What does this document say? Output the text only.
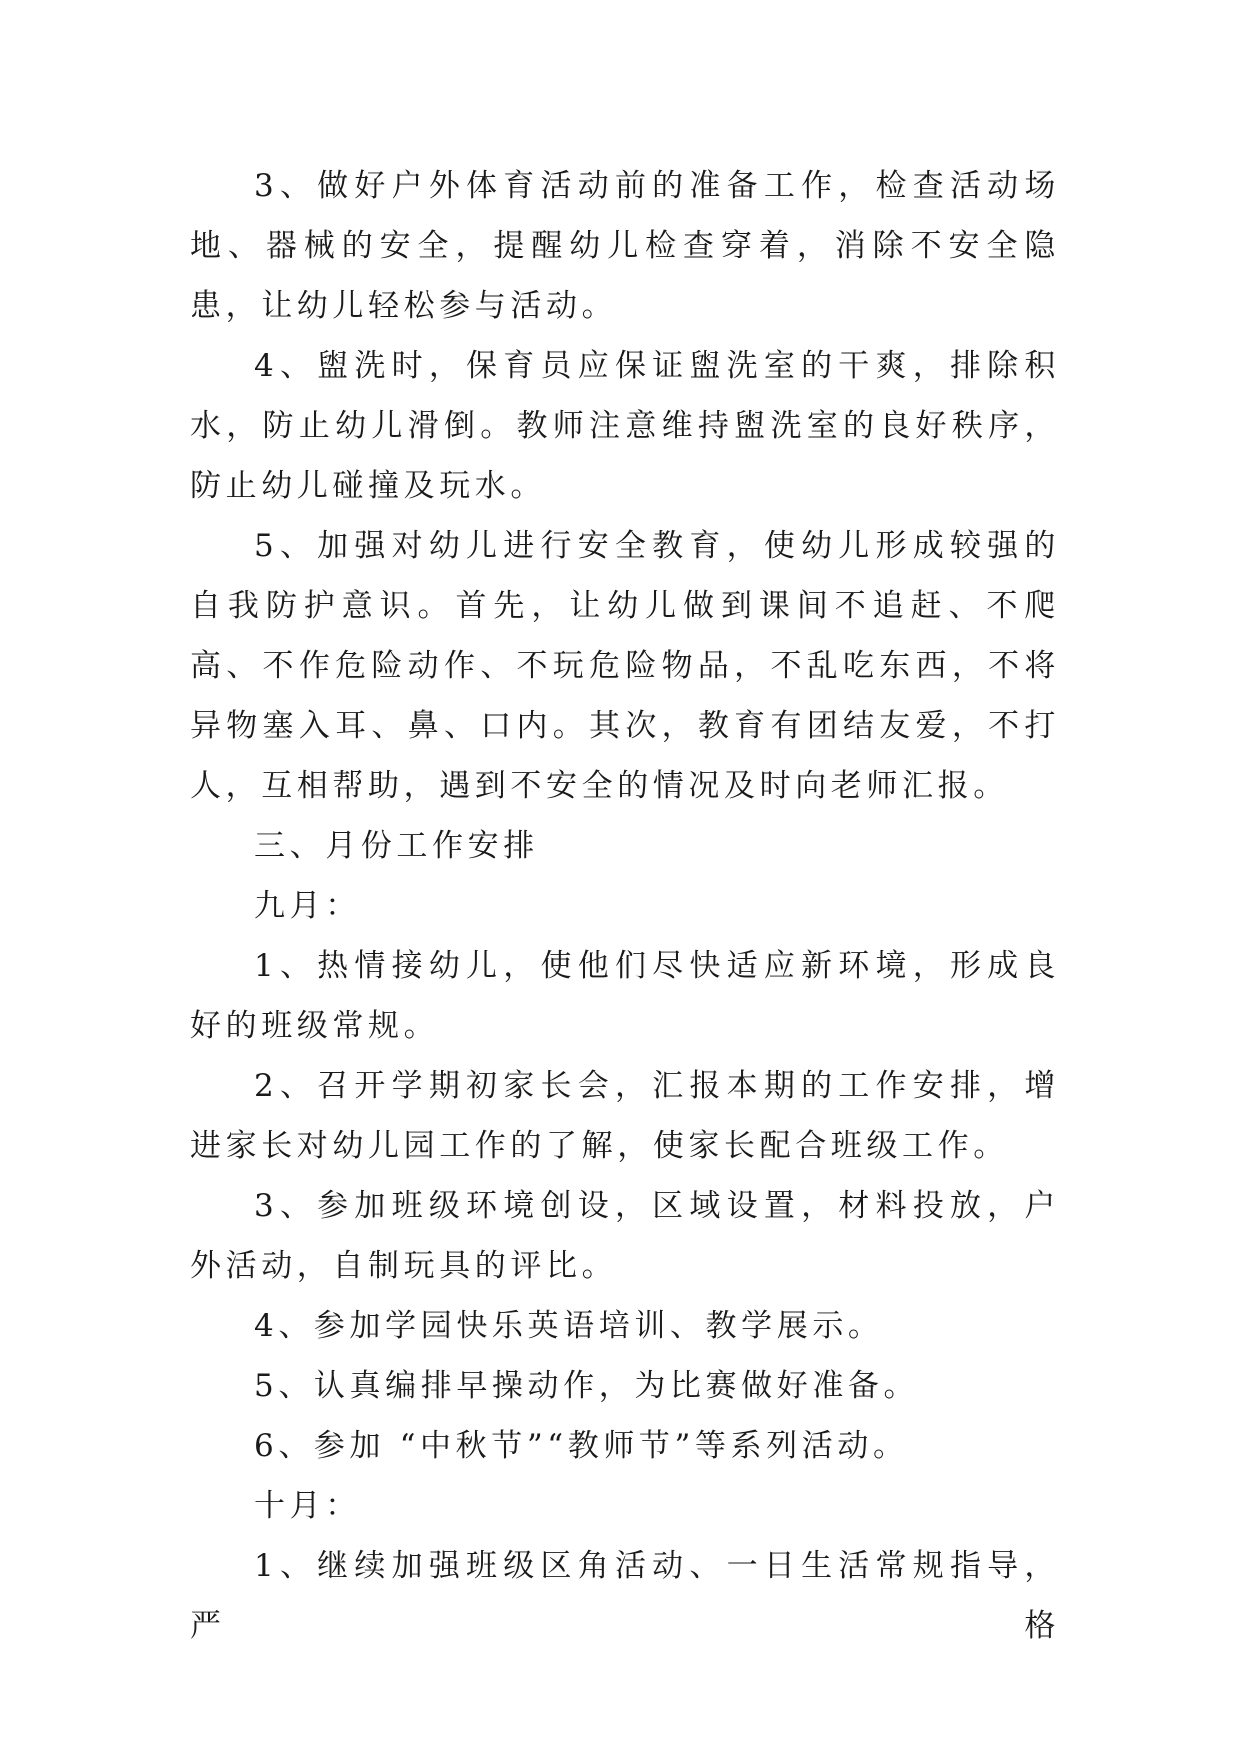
3、做好户外体育活动前的准备工作，检查活动场地、器械的安全，提醒幼儿检查穿着，消除不安全隐患，让幼儿轻松参与活动。

4、盥洗时，保育员应保证盥洗室的干爽，排除积水，防止幼儿滑倒。教师注意维持盥洗室的良好秩序，防止幼儿碰撞及玩水。

5、加强对幼儿进行安全教育，使幼儿形成较强的自我防护意识。首先，让幼儿做到课间不追赶、不爬高、不作危险动作、不玩危险物品，不乱吃东西，不将异物塞入耳、鼻、口内。其次，教育有团结友爱，不打人，互相帮助，遇到不安全的情况及时向老师汇报。

三、月份工作安排

九月：

1、热情接幼儿，使他们尽快适应新环境，形成良好的班级常规。

2、召开学期初家长会，汇报本期的工作安排，增进家长对幼儿园工作的了解，使家长配合班级工作。

3、参加班级环境创设，区域设置，材料投放，户外活动，自制玩具的评比。

4、参加学园快乐英语培训、教学展示。

5、认真编排早操动作，为比赛做好准备。

6、参加 “中秋节”“教师节”等系列活动。

十月：

1、继续加强班级区角活动、一日生活常规指导，严格
